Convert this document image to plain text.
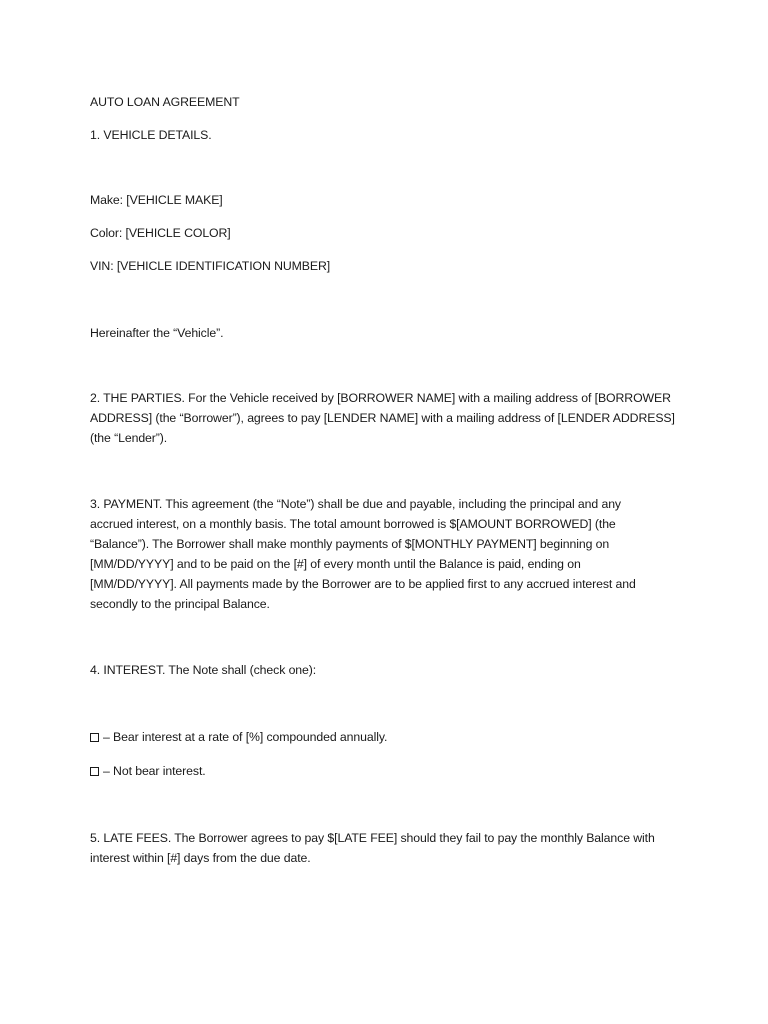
AUTO LOAN AGREEMENT

1. VEHICLE DETAILS.

Make: [VEHICLE MAKE]

Color: [VEHICLE COLOR]

VIN: [VEHICLE IDENTIFICATION NUMBER]

Hereinafter the “Vehicle”.

2. THE PARTIES. For the Vehicle received by [BORROWER NAME] with a mailing address of [BORROWER
ADDRESS] (the “Borrower”), agrees to pay [LENDER NAME] with a mailing address of [LENDER ADDRESS]
(the “Lender”).
3. PAYMENT. This agreement (the “Note”) shall be due and payable, including the principal and any
accrued interest, on a monthly basis. The total amount borrowed is $[AMOUNT BORROWED] (the
“Balance”). The Borrower shall make monthly payments of $[MONTHLY PAYMENT] beginning on
[MM/DD/YYYY] and to be paid on the [#] of every month until the Balance is paid, ending on
[MM/DD/YYYY]. All payments made by the Borrower are to be applied first to any accrued interest and
secondly to the principal Balance.

4. INTEREST. The Note shall (check one):

– Bear interest at a rate of [%] compounded annually.
– Not bear interest.
5. LATE FEES. The Borrower agrees to pay $[LATE FEE] should they fail to pay the monthly Balance with
interest within [#] days from the due date.
